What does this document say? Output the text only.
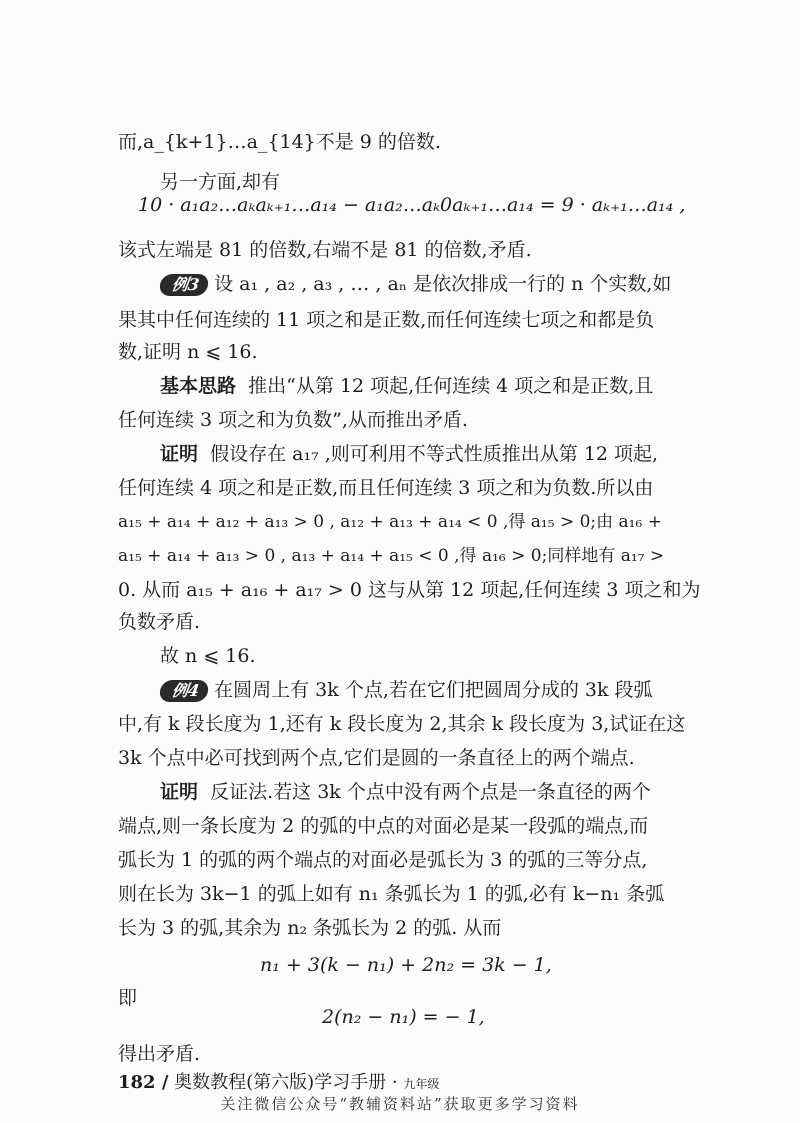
而,a_{k+1}…a_{14}不是 9 的倍数.
另一方面,却有
10 · a₁a₂…aₖaₖ₊₁…a₁₄ − a₁a₂…aₖ0aₖ₊₁…a₁₄ = 9 · aₖ₊₁…a₁₄ ,
该式左端是 81 的倍数,右端不是 81 的倍数,矛盾.
例3 设 a₁ , a₂ , a₃ , … , aₙ 是依次排成一行的 n 个实数,如
果其中任何连续的 11 项之和是正数,而任何连续七项之和都是负
数,证明 n ⩽ 16.
基本思路 推出“从第 12 项起,任何连续 4 项之和是正数,且
任何连续 3 项之和为负数”,从而推出矛盾.
证明 假设存在 a₁₇ ,则可利用不等式性质推出从第 12 项起,
任何连续 4 项之和是正数,而且任何连续 3 项之和为负数.所以由
a₁₅ + a₁₄ + a₁₂ + a₁₃ > 0 , a₁₂ + a₁₃ + a₁₄ < 0 ,得 a₁₅ > 0;由 a₁₆ +
a₁₅ + a₁₄ + a₁₃ > 0 , a₁₃ + a₁₄ + a₁₅ < 0 ,得 a₁₆ > 0;同样地有 a₁₇ >
0. 从而 a₁₅ + a₁₆ + a₁₇ > 0 这与从第 12 项起,任何连续 3 项之和为
负数矛盾.
故 n ⩽ 16.
例4 在圆周上有 3k 个点,若在它们把圆周分成的 3k 段弧
中,有 k 段长度为 1,还有 k 段长度为 2,其余 k 段长度为 3,试证在这
3k 个点中必可找到两个点,它们是圆的一条直径上的两个端点.
证明 反证法.若这 3k 个点中没有两个点是一条直径的两个
端点,则一条长度为 2 的弧的中点的对面必是某一段弧的端点,而
弧长为 1 的弧的两个端点的对面必是弧长为 3 的弧的三等分点,
则在长为 3k−1 的弧上如有 n₁ 条弧长为 1 的弧,必有 k−n₁ 条弧
长为 3 的弧,其余为 n₂ 条弧长为 2 的弧. 从而
n₁ + 3(k − n₁) + 2n₂ = 3k − 1,
即
2(n₂ − n₁) = − 1,
得出矛盾.
182 / 奥数教程(第六版)学习手册 · 九年级
关注微信公众号“教辅资料站”获取更多学习资料
